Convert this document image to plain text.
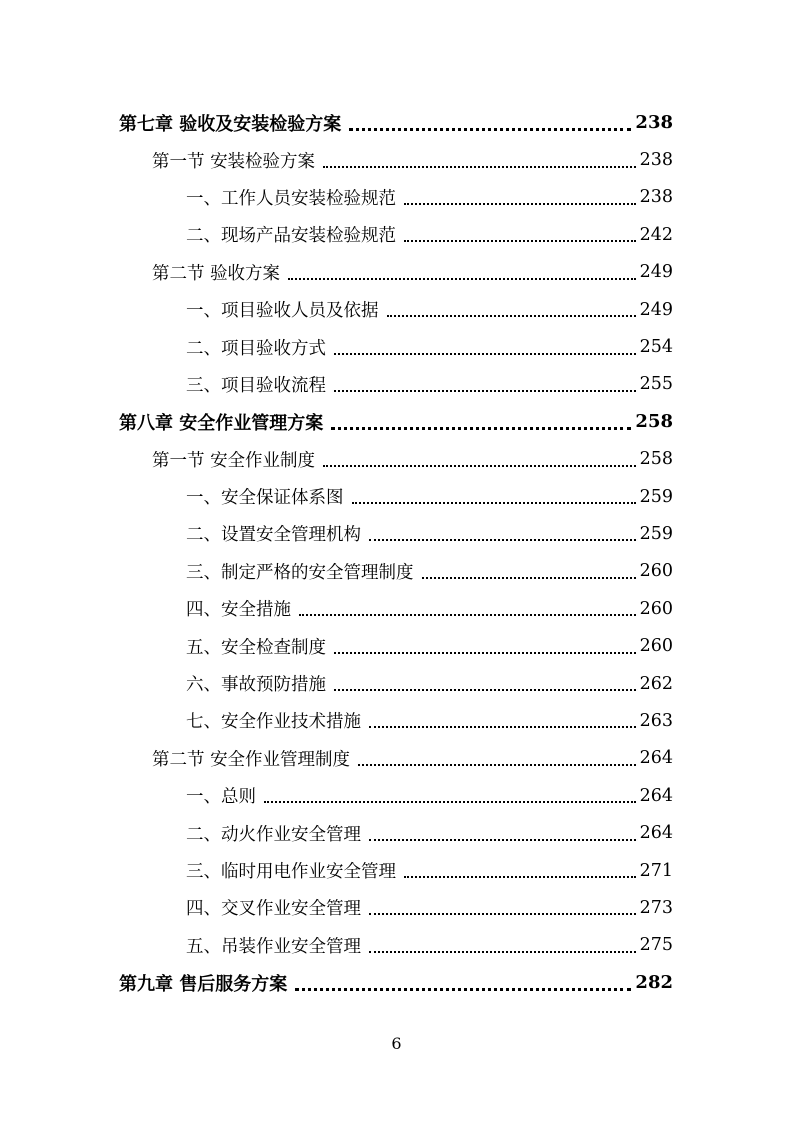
第七章 验收及安装检验方案	238
第一节 安装检验方案	238
一、工作人员安装检验规范	238
二、现场产品安装检验规范	242
第二节 验收方案	249
一、项目验收人员及依据	249
二、项目验收方式	254
三、项目验收流程	255
第八章 安全作业管理方案	258
第一节 安全作业制度	258
一、安全保证体系图	259
二、设置安全管理机构	259
三、制定严格的安全管理制度	260
四、安全措施	260
五、安全检查制度	260
六、事故预防措施	262
七、安全作业技术措施	263
第二节 安全作业管理制度	264
一、总则	264
二、动火作业安全管理	264
三、临时用电作业安全管理	271
四、交叉作业安全管理	273
五、吊装作业安全管理	275
第九章 售后服务方案	282
6
